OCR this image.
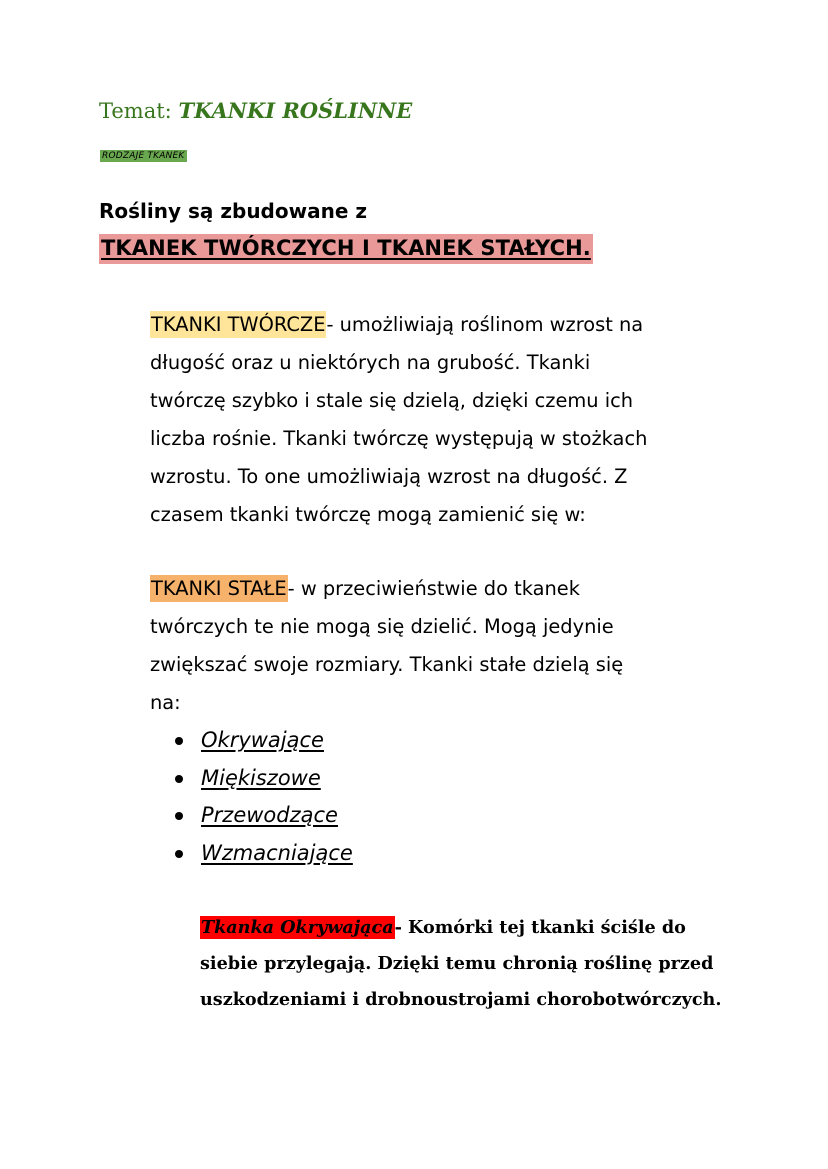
Temat: TKANKI ROŚLINNE
RODZAJE TKANEK
Rośliny są zbudowane z
TKANEK TWÓRCZYCH I TKANEK STAŁYCH.

TKANKI TWÓRCZE- umożliwiają roślinom wzrost na

długość oraz u niektórych na grubość. Tkanki

twórczę szybko i stale się dzielą, dzięki czemu ich

liczba rośnie. Tkanki twórczę występują w stożkach

wzrostu. To one umożliwiają wzrost na długość. Z

czasem tkanki twórczę mogą zamienić się w:

TKANKI STAŁE- w przeciwieństwie do tkanek

twórczych te nie mogą się dzielić. Mogą jedynie

zwiększać swoje rozmiary. Tkanki stałe dzielą się

na:

Okrywające
Miękiszowe
Przewodzące
Wzmacniające

Tkanka Okrywająca- Komórki tej tkanki ściśle do

siebie przylegają. Dzięki temu chronią roślinę przed

uszkodzeniami i drobnoustrojami chorobotwórczych.
